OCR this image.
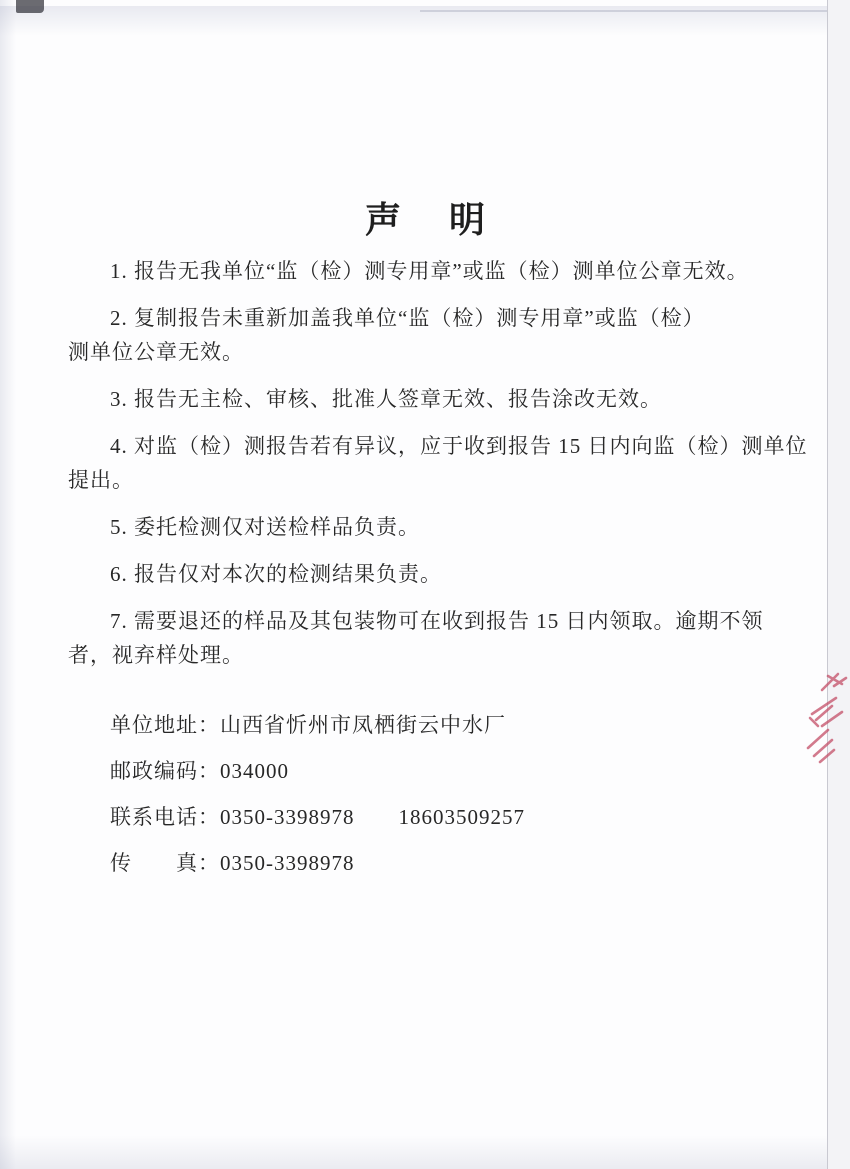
声　明
1. 报告无我单位“监（检）测专用章”或监（检）测单位公章无效。
2. 复制报告未重新加盖我单位“监（检）测专用章”或监（检）
测单位公章无效。
3. 报告无主检、审核、批准人签章无效、报告涂改无效。
4. 对监（检）测报告若有异议，应于收到报告 15 日内向监（检）测单位
提出。
5. 委托检测仅对送检样品负责。
6. 报告仅对本次的检测结果负责。
7. 需要退还的样品及其包装物可在收到报告 15 日内领取。逾期不领
者，视弃样处理。
单位地址：山西省忻州市凤栖街云中水厂
邮政编码：034000
联系电话：0350-3398978　　18603509257
传　　真：0350-3398978
